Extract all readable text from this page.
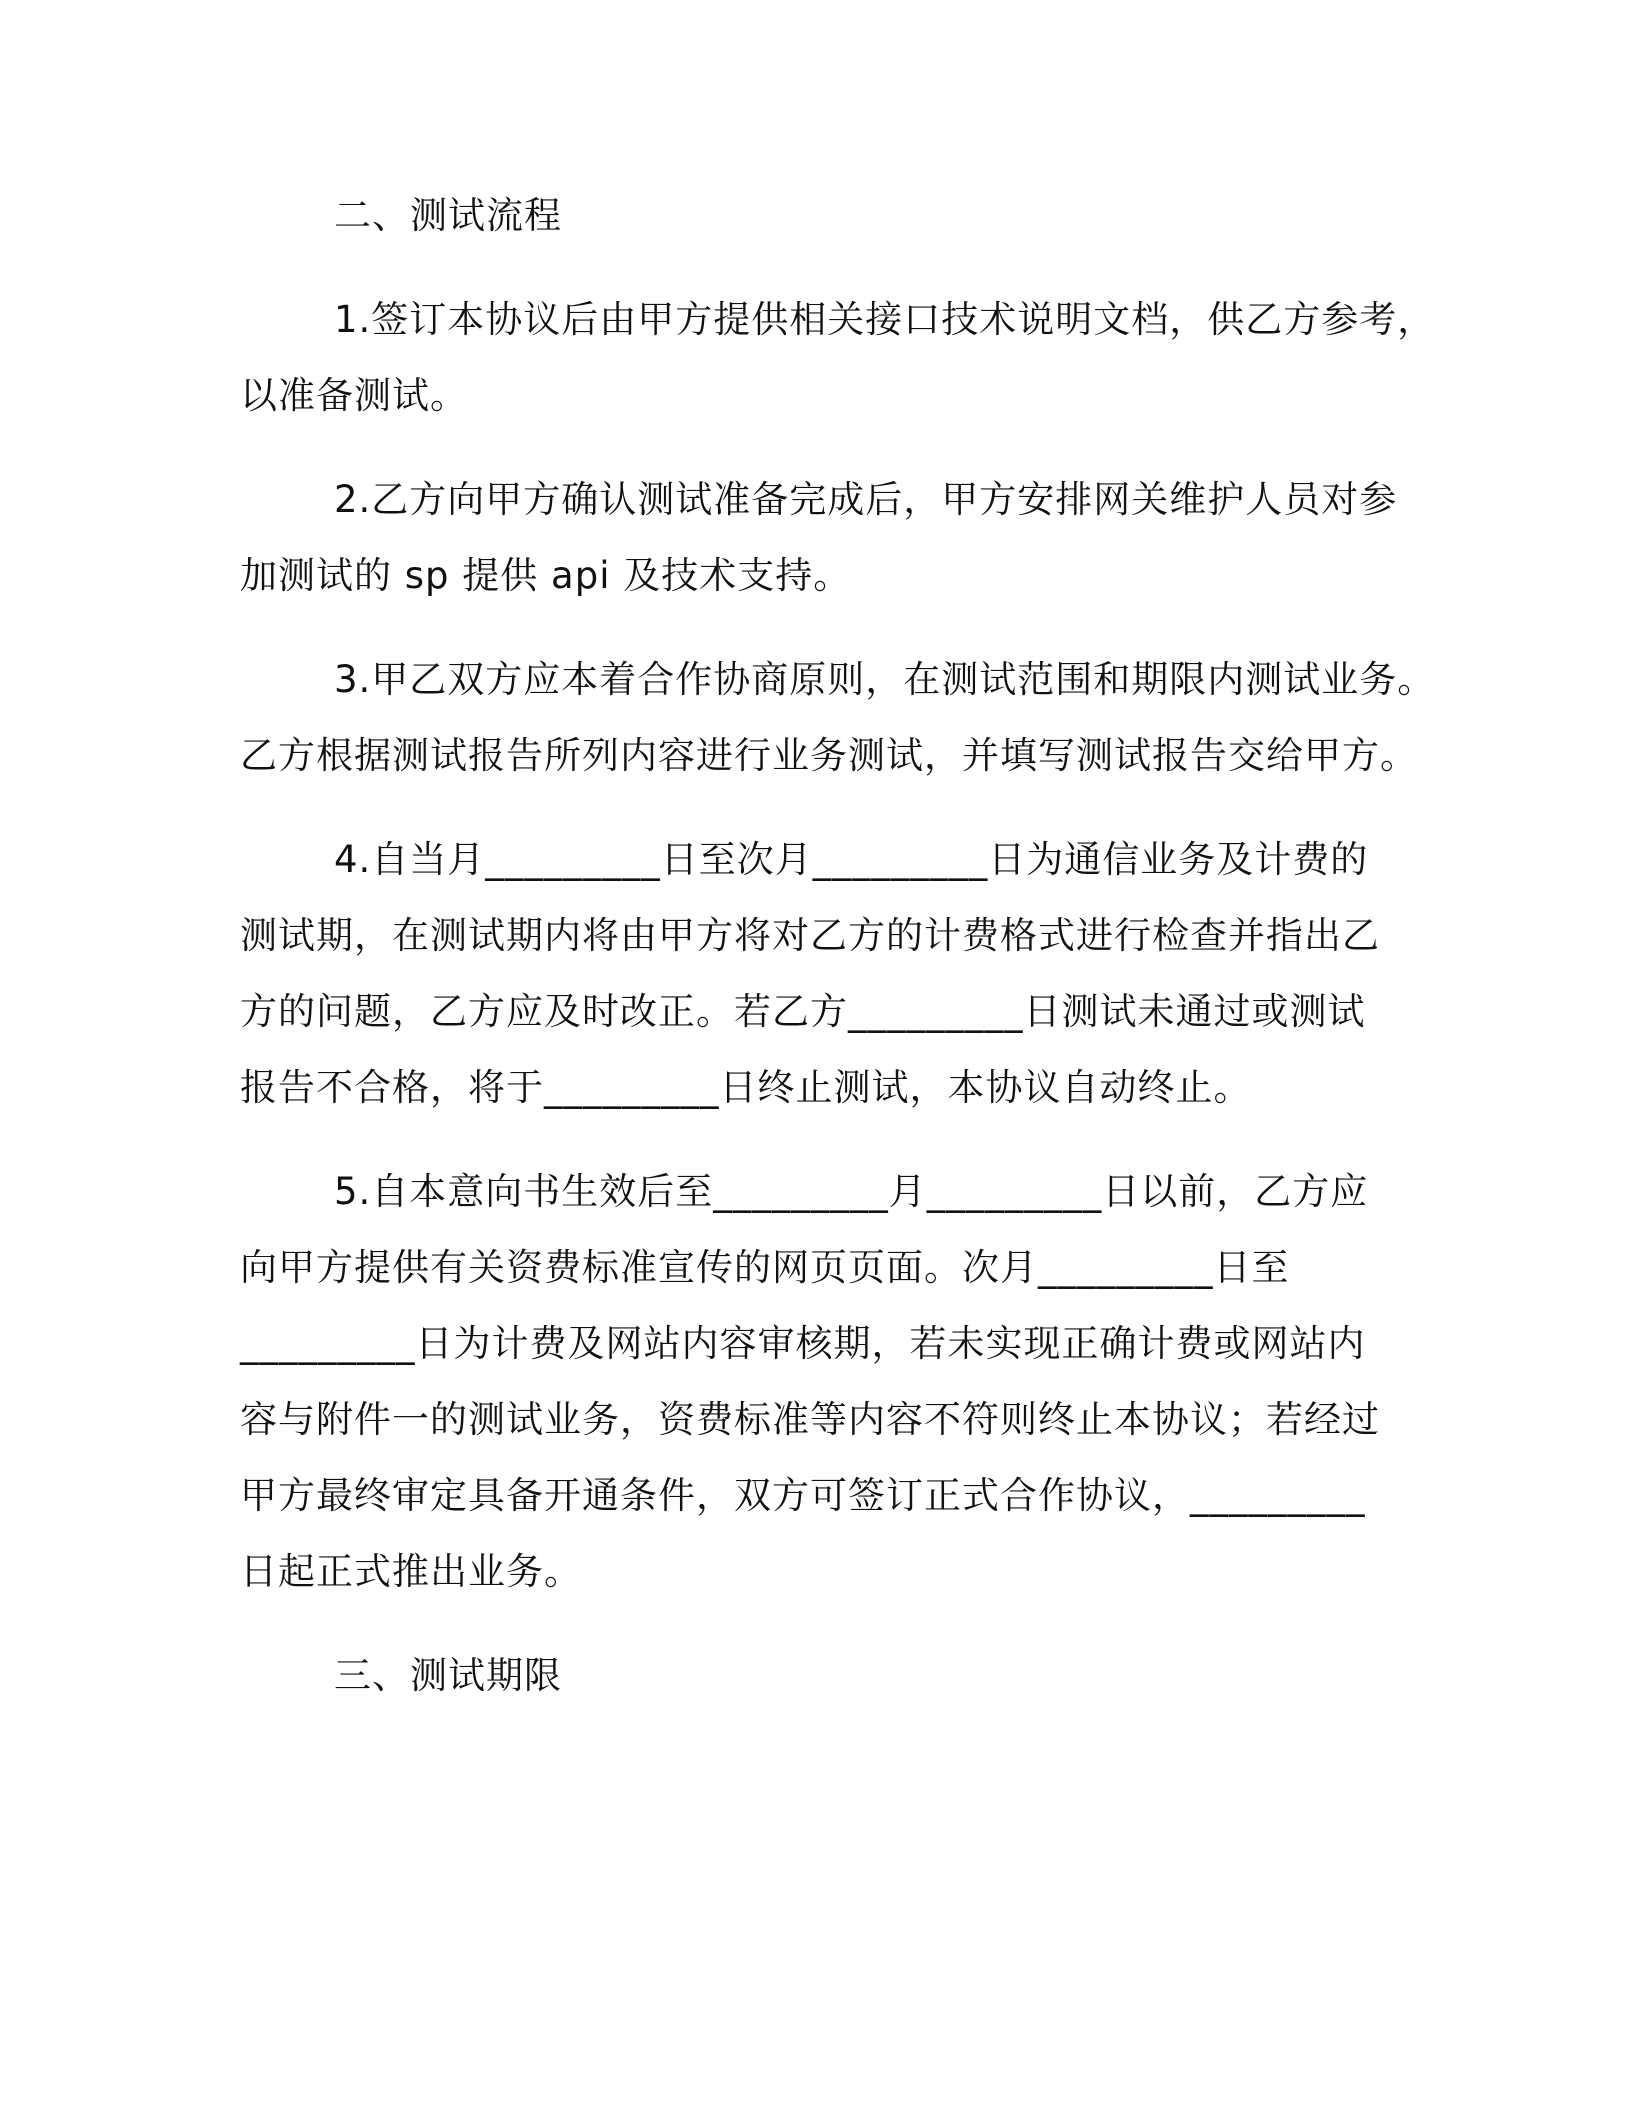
二、测试流程
1.签订本协议后由甲方提供相关接口技术说明文档，供乙方参考，
以准备测试。
2.乙方向甲方确认测试准备完成后，甲方安排网关维护人员对参
加测试的 sp 提供 api 及技术支持。
3.甲乙双方应本着合作协商原则，在测试范围和期限内测试业务。
乙方根据测试报告所列内容进行业务测试，并填写测试报告交给甲方。
4.自当月_________日至次月_________日为通信业务及计费的
测试期，在测试期内将由甲方将对乙方的计费格式进行检查并指出乙
方的问题，乙方应及时改正。若乙方_________日测试未通过或测试
报告不合格，将于_________日终止测试，本协议自动终止。
5.自本意向书生效后至_________月_________日以前，乙方应
向甲方提供有关资费标准宣传的网页页面。次月_________日至
_________日为计费及网站内容审核期，若未实现正确计费或网站内
容与附件一的测试业务，资费标准等内容不符则终止本协议；若经过
甲方最终审定具备开通条件，双方可签订正式合作协议，_________
日起正式推出业务。
三、测试期限
